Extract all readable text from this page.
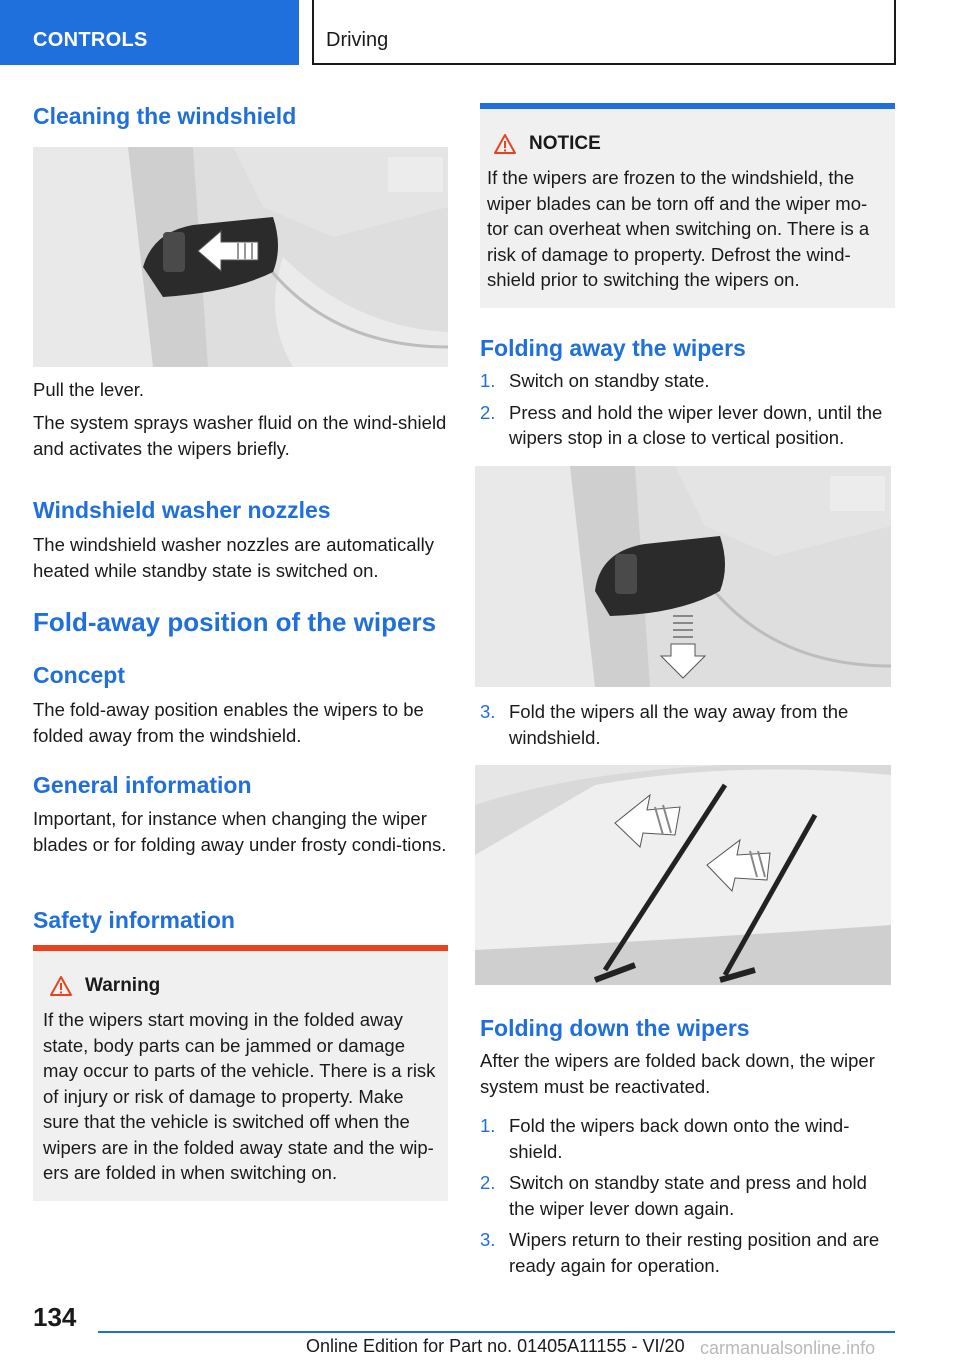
CONTROLS	Driving
Cleaning the windshield

Pull the lever.

The system sprays washer fluid on the wind-shield and activates the wipers briefly.

Windshield washer nozzles

The windshield washer nozzles are automatically heated while standby state is switched on.

Fold-away position of the wipers
Concept

The fold-away position enables the wipers to be folded away from the windshield.

General information

Important, for instance when changing the wiper blades or for folding away under frosty condi-tions.

Safety information
Warning

If the wipers start moving in the folded away state, body parts can be jammed or damage may occur to parts of the vehicle. There is a risk of injury or risk of damage to property. Make sure that the vehicle is switched off when the wipers are in the folded away state and the wip-ers are folded in when switching on.

NOTICE

If the wipers are frozen to the windshield, the wiper blades can be torn off and the wiper mo-tor can overheat when switching on. There is a risk of damage to property. Defrost the wind-shield prior to switching the wipers on.

Folding away the wipers
1. Switch on standby state.
2. Press and hold the wiper lever down, until the wipers stop in a close to vertical position.
3. Fold the wipers all the way away from the windshield.
Folding down the wipers

After the wipers are folded back down, the wiper system must be reactivated.

1. Fold the wipers back down onto the wind-shield.
2. Switch on standby state and press and hold the wiper lever down again.
3. Wipers return to their resting position and are ready again for operation.
134
Online Edition for Part no. 01405A11155 - VI/20 carmanualsonline.info
